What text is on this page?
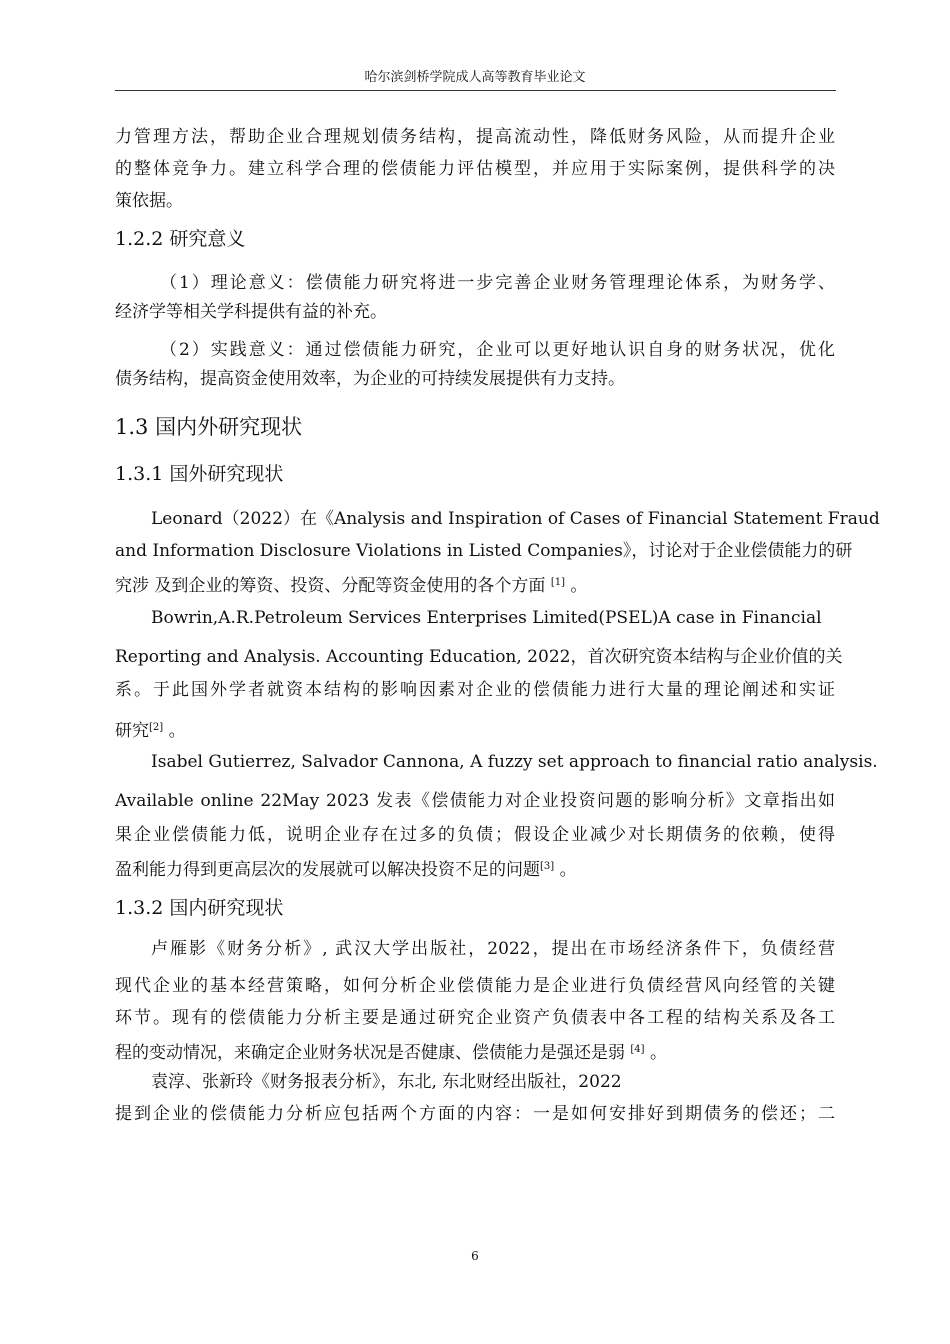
哈尔滨剑桥学院成人高等教育毕业论文
力管理方法，帮助企业合理规划债务结构，提高流动性，降低财务风险，从而提升企业
的整体竞争力。建立科学合理的偿债能力评估模型，并应用于实际案例，提供科学的决
策依据。
1.2.2 研究意义
（1）理论意义：偿债能力研究将进一步完善企业财务管理理论体系，为财务学、
经济学等相关学科提供有益的补充。
（2）实践意义：通过偿债能力研究，企业可以更好地认识自身的财务状况，优化
债务结构，提高资金使用效率，为企业的可持续发展提供有力支持。
1.3 国内外研究现状
1.3.1 国外研究现状
Leonard（2022）在《Analysis and Inspiration of Cases of Financial Statement Fraud
and Information Disclosure Violations in Listed Companies》，讨论对于企业偿债能力的研
究涉 及到企业的筹资、投资、分配等资金使用的各个方面 [1] 。
Bowrin,A.R.Petroleum Services Enterprises Limited(PSEL)A case in Financial
Reporting and Analysis. Accounting Education, 2022，首次研究资本结构与企业价值的关
系。于此国外学者就资本结构的影响因素对企业的偿债能力进行大量的理论阐述和实证
研究[2] 。
Isabel Gutierrez, Salvador Cannona, A fuzzy set approach to financial ratio analysis.
Available online 22May 2023 发表《偿债能力对企业投资问题的影响分析》文章指出如
果企业偿债能力低，说明企业存在过多的负债；假设企业减少对长期债务的依赖，使得
盈利能力得到更高层次的发展就可以解决投资不足的问题[3] 。
1.3.2 国内研究现状
卢雁影《财务分析》, 武汉大学出版社，2022，提出在市场经济条件下，负债经营
现代企业的基本经营策略，如何分析企业偿债能力是企业进行负债经营风向经管的关键
环节。现有的偿债能力分析主要是通过研究企业资产负债表中各工程的结构关系及各工
程的变动情况，来确定企业财务状况是否健康、偿债能力是强还是弱 [4] 。
袁淳、张新玲《财务报表分析》，东北, 东北财经出版社，2022
提到企业的偿债能力分析应包括两个方面的内容：一是如何安排好到期债务的偿还；二
6
